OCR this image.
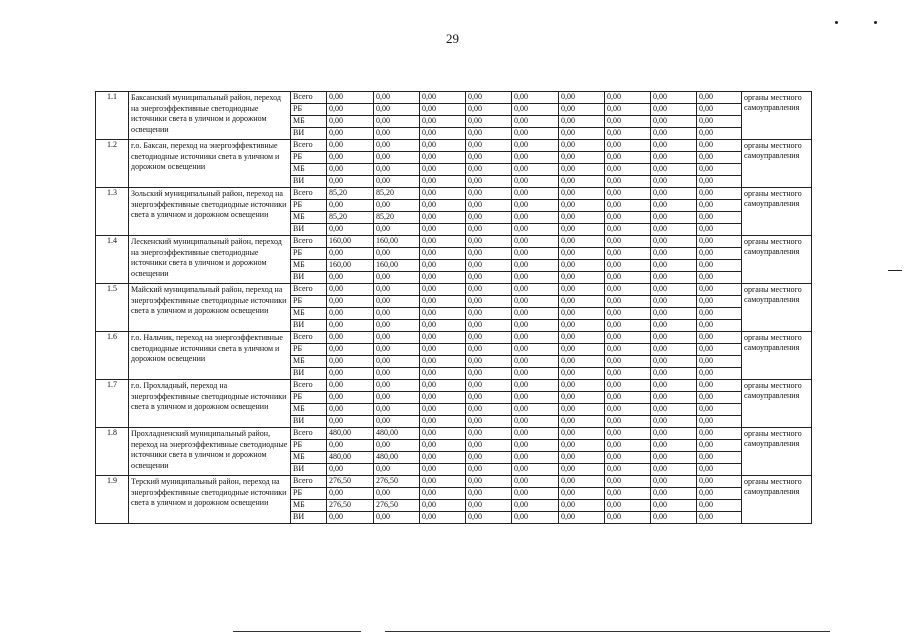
29
1.1	Баксанский муниципальный район, переход на энергоэффективные светодиодные источники света в уличном и дорожном освещении	Всего	0,00	0,00	0,00	0,00	0,00	0,00	0,00	0,00	0,00	органы местного самоуправления
		РБ	0,00	0,00	0,00	0,00	0,00	0,00	0,00	0,00	0,00	
		МБ	0,00	0,00	0,00	0,00	0,00	0,00	0,00	0,00	0,00	
		ВИ	0,00	0,00	0,00	0,00	0,00	0,00	0,00	0,00	0,00	
1.2	г.о. Баксан, переход на энергоэффективные светодиодные источники света в уличном и дорожном освещении	Всего	0,00	0,00	0,00	0,00	0,00	0,00	0,00	0,00	0,00	органы местного самоуправления
		РБ	0,00	0,00	0,00	0,00	0,00	0,00	0,00	0,00	0,00	
		МБ	0,00	0,00	0,00	0,00	0,00	0,00	0,00	0,00	0,00	
		ВИ	0,00	0,00	0,00	0,00	0,00	0,00	0,00	0,00	0,00	
1.3	Зольский муниципальный район, переход на энергоэффективные светодиодные источники света в уличном и дорожном освещении	Всего	85,20	85,20	0,00	0,00	0,00	0,00	0,00	0,00	0,00	органы местного самоуправления
		РБ	0,00	0,00	0,00	0,00	0,00	0,00	0,00	0,00	0,00	
		МБ	85,20	85,20	0,00	0,00	0,00	0,00	0,00	0,00	0,00	
		ВИ	0,00	0,00	0,00	0,00	0,00	0,00	0,00	0,00	0,00	
1.4	Лескенский муниципальный район, переход на энергоэффективные светодиодные источники света в уличном и дорожном освещении	Всего	160,00	160,00	0,00	0,00	0,00	0,00	0,00	0,00	0,00	органы местного самоуправления
		РБ	0,00	0,00	0,00	0,00	0,00	0,00	0,00	0,00	0,00	
		МБ	160,00	160,00	0,00	0,00	0,00	0,00	0,00	0,00	0,00	
		ВИ	0,00	0,00	0,00	0,00	0,00	0,00	0,00	0,00	0,00	
1.5	Майский муниципальный район, переход на энергоэффективные светодиодные источники света в уличном и дорожном освещении	Всего	0,00	0,00	0,00	0,00	0,00	0,00	0,00	0,00	0,00	органы местного самоуправления
		РБ	0,00	0,00	0,00	0,00	0,00	0,00	0,00	0,00	0,00	
		МБ	0,00	0,00	0,00	0,00	0,00	0,00	0,00	0,00	0,00	
		ВИ	0,00	0,00	0,00	0,00	0,00	0,00	0,00	0,00	0,00	
1.6	г.о. Нальчик, переход на энергоэффективные светодиодные источники света в уличном и дорожном освещении	Всего	0,00	0,00	0,00	0,00	0,00	0,00	0,00	0,00	0,00	органы местного самоуправления
		РБ	0,00	0,00	0,00	0,00	0,00	0,00	0,00	0,00	0,00	
		МБ	0,00	0,00	0,00	0,00	0,00	0,00	0,00	0,00	0,00	
		ВИ	0,00	0,00	0,00	0,00	0,00	0,00	0,00	0,00	0,00	
1.7	г.о. Прохладный, переход на энергоэффективные светодиодные источники света в уличном и дорожном освещении	Всего	0,00	0,00	0,00	0,00	0,00	0,00	0,00	0,00	0,00	органы местного самоуправления
		РБ	0,00	0,00	0,00	0,00	0,00	0,00	0,00	0,00	0,00	
		МБ	0,00	0,00	0,00	0,00	0,00	0,00	0,00	0,00	0,00	
		ВИ	0,00	0,00	0,00	0,00	0,00	0,00	0,00	0,00	0,00	
1.8	Прохладненский муниципальный район, переход на энергоэффективные светодиодные источники света в уличном и дорожном освещении	Всего	480,00	480,00	0,00	0,00	0,00	0,00	0,00	0,00	0,00	органы местного самоуправления
		РБ	0,00	0,00	0,00	0,00	0,00	0,00	0,00	0,00	0,00	
		МБ	480,00	480,00	0,00	0,00	0,00	0,00	0,00	0,00	0,00	
		ВИ	0,00	0,00	0,00	0,00	0,00	0,00	0,00	0,00	0,00	
1.9	Терский муниципальный район, переход на энергоэффективные светодиодные источники света в уличном и дорожном освещении	Всего	276,50	276,50	0,00	0,00	0,00	0,00	0,00	0,00	0,00	органы местного самоуправления
		РБ	0,00	0,00	0,00	0,00	0,00	0,00	0,00	0,00	0,00	
		МБ	276,50	276,50	0,00	0,00	0,00	0,00	0,00	0,00	0,00	
		ВИ	0,00	0,00	0,00	0,00	0,00	0,00	0,00	0,00	0,00	
